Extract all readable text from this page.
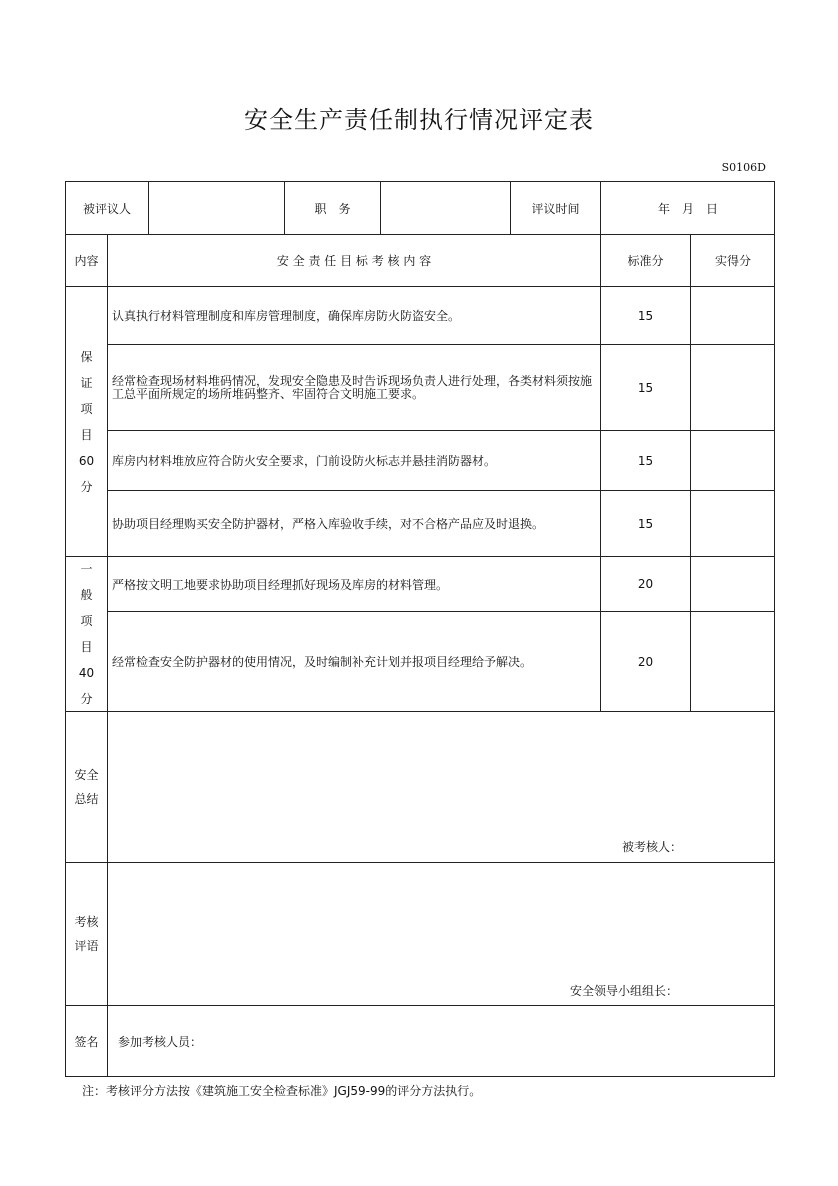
安全生产责任制执行情况评定表
S0106D
被评议人	职　务	评议时间	年　月　日
内容	安 全 责 任 目 标 考 核 内 容	标准分	实得分
保
证
项
目
60
分
认真执行材料管理制度和库房管理制度，确保库房防火防盗安全。	15
经常检查现场材料堆码情况，发现安全隐患及时告诉现场负责人进行处理，各类材料须按施工总平面所规定的场所堆码整齐、牢固符合文明施工要求。	15
库房内材料堆放应符合防火安全要求，门前设防火标志并悬挂消防器材。	15
协助项目经理购买安全防护器材，严格入库验收手续，对不合格产品应及时退换。	15
一
般
项
目
40
分
严格按文明工地要求协助项目经理抓好现场及库房的材料管理。	20
经常检查安全防护器材的使用情况，及时编制补充计划并报项目经理给予解决。	20
安全
总结
被考核人：
考核
评语
安全领导小组组长：
签名	参加考核人员：
注：考核评分方法按《建筑施工安全检查标准》JGJ59-99的评分方法执行。
